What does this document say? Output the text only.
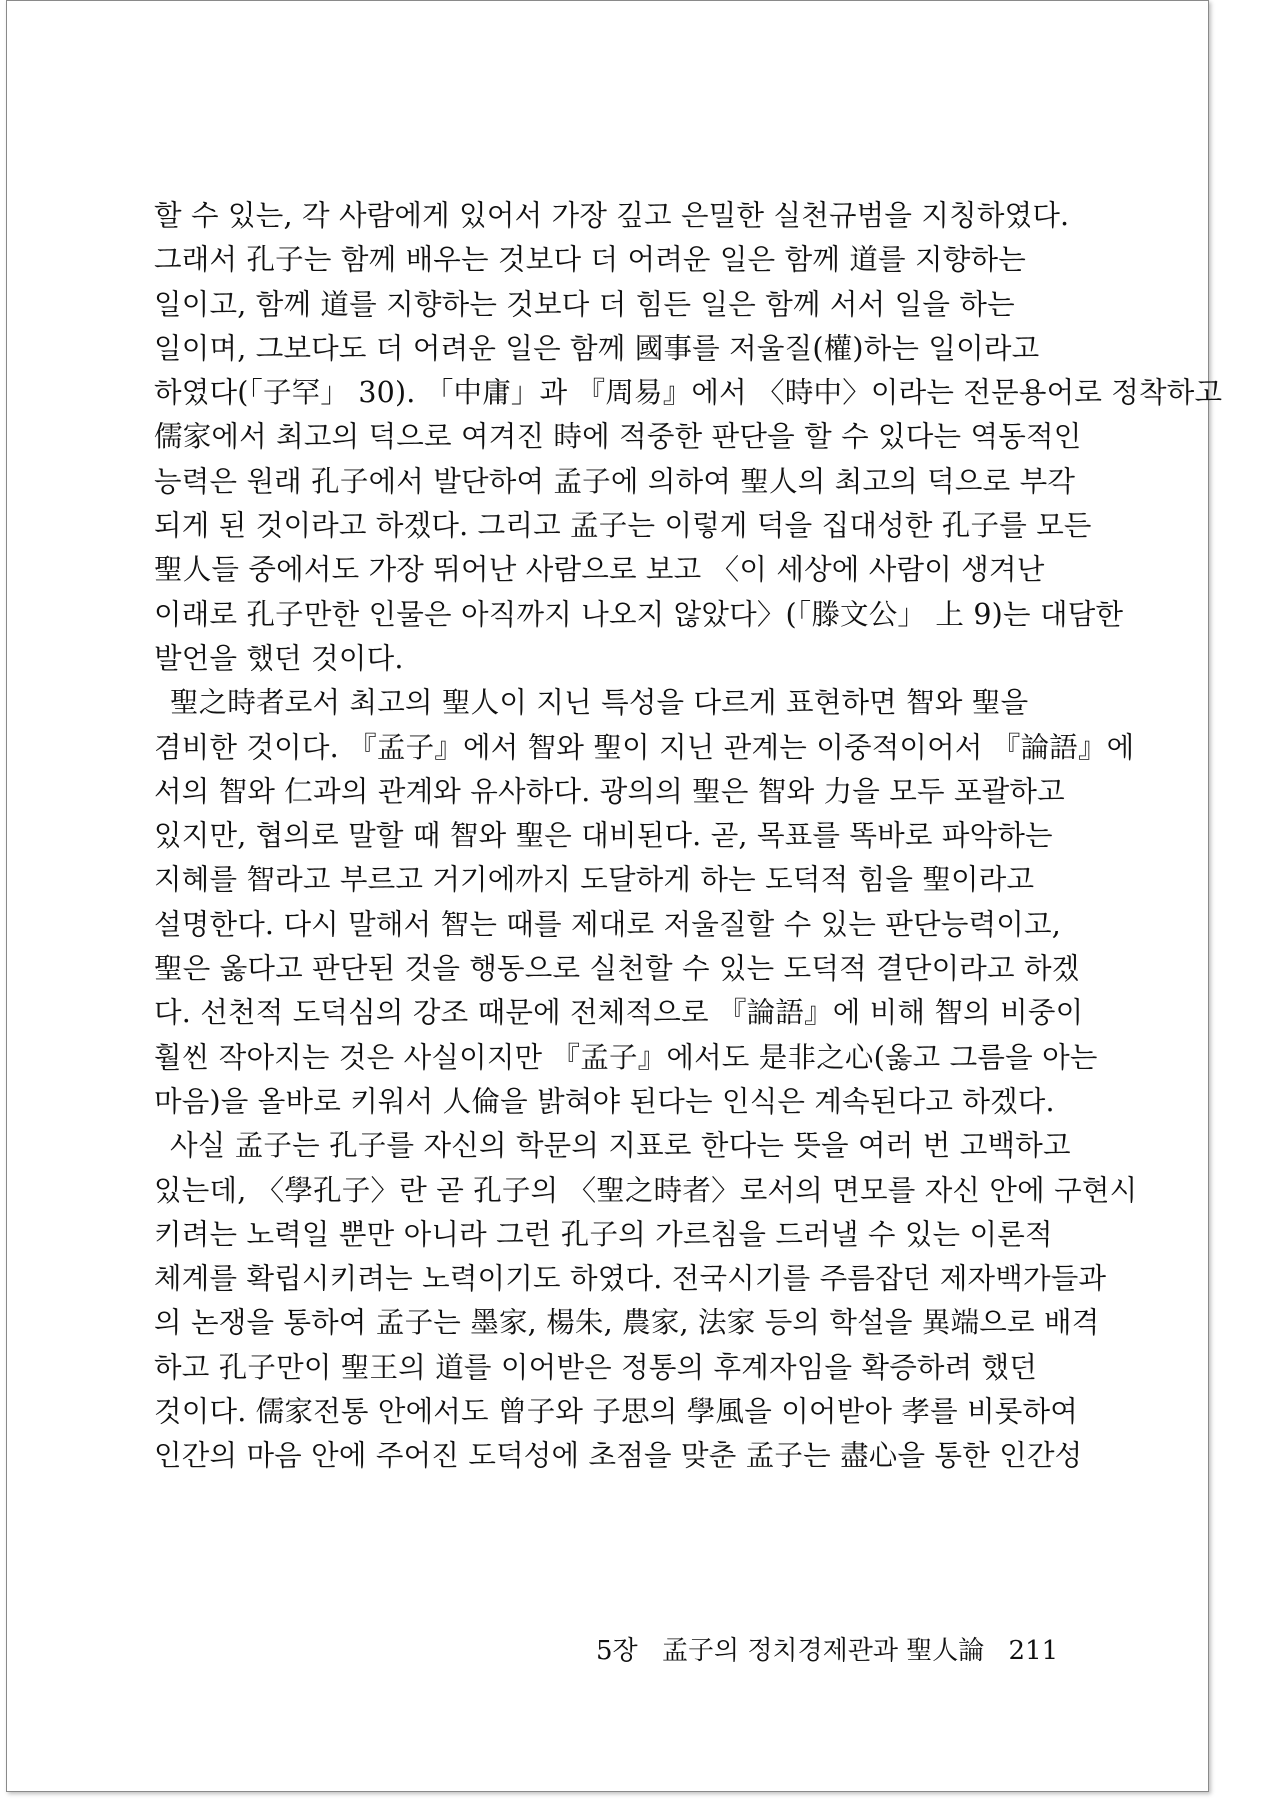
할 수 있는, 각 사람에게 있어서 가장 깊고 은밀한 실천규범을 지칭하였다.
그래서 孔子는 함께 배우는 것보다 더 어려운 일은 함께 道를 지향하는
일이고, 함께 道를 지향하는 것보다 더 힘든 일은 함께 서서 일을 하는
일이며, 그보다도 더 어려운 일은 함께 國事를 저울질(權)하는 일이라고
하였다(「子罕」 30). 「中庸」과 『周易』에서 〈時中〉이라는 전문용어로 정착하고
儒家에서 최고의 덕으로 여겨진 時에 적중한 판단을 할 수 있다는 역동적인
능력은 원래 孔子에서 발단하여 孟子에 의하여 聖人의 최고의 덕으로 부각
되게 된 것이라고 하겠다. 그리고 孟子는 이렇게 덕을 집대성한 孔子를 모든
聖人들 중에서도 가장 뛰어난 사람으로 보고 〈이 세상에 사람이 생겨난
이래로 孔子만한 인물은 아직까지 나오지 않았다〉(「滕文公」 上 9)는 대담한
발언을 했던 것이다.
聖之時者로서 최고의 聖人이 지닌 특성을 다르게 표현하면 智와 聖을
겸비한 것이다. 『孟子』에서 智와 聖이 지닌 관계는 이중적이어서 『論語』에
서의 智와 仁과의 관계와 유사하다. 광의의 聖은 智와 力을 모두 포괄하고
있지만, 협의로 말할 때 智와 聖은 대비된다. 곧, 목표를 똑바로 파악하는
지혜를 智라고 부르고 거기에까지 도달하게 하는 도덕적 힘을 聖이라고
설명한다. 다시 말해서 智는 때를 제대로 저울질할 수 있는 판단능력이고,
聖은 옳다고 판단된 것을 행동으로 실천할 수 있는 도덕적 결단이라고 하겠
다. 선천적 도덕심의 강조 때문에 전체적으로 『論語』에 비해 智의 비중이
훨씬 작아지는 것은 사실이지만 『孟子』에서도 是非之心(옳고 그름을 아는
마음)을 올바로 키워서 人倫을 밝혀야 된다는 인식은 계속된다고 하겠다.
사실 孟子는 孔子를 자신의 학문의 지표로 한다는 뜻을 여러 번 고백하고
있는데, 〈學孔子〉란 곧 孔子의 〈聖之時者〉로서의 면모를 자신 안에 구현시
키려는 노력일 뿐만 아니라 그런 孔子의 가르침을 드러낼 수 있는 이론적
체계를 확립시키려는 노력이기도 하였다. 전국시기를 주름잡던 제자백가들과
의 논쟁을 통하여 孟子는 墨家, 楊朱, 農家, 法家 등의 학설을 異端으로 배격
하고 孔子만이 聖王의 道를 이어받은 정통의 후계자임을 확증하려 했던
것이다. 儒家전통 안에서도 曾子와 子思의 學風을 이어받아 孝를 비롯하여
인간의 마음 안에 주어진 도덕성에 초점을 맞춘 孟子는 盡心을 통한 인간성
5장 孟子의 정치경제관과 聖人論 211
